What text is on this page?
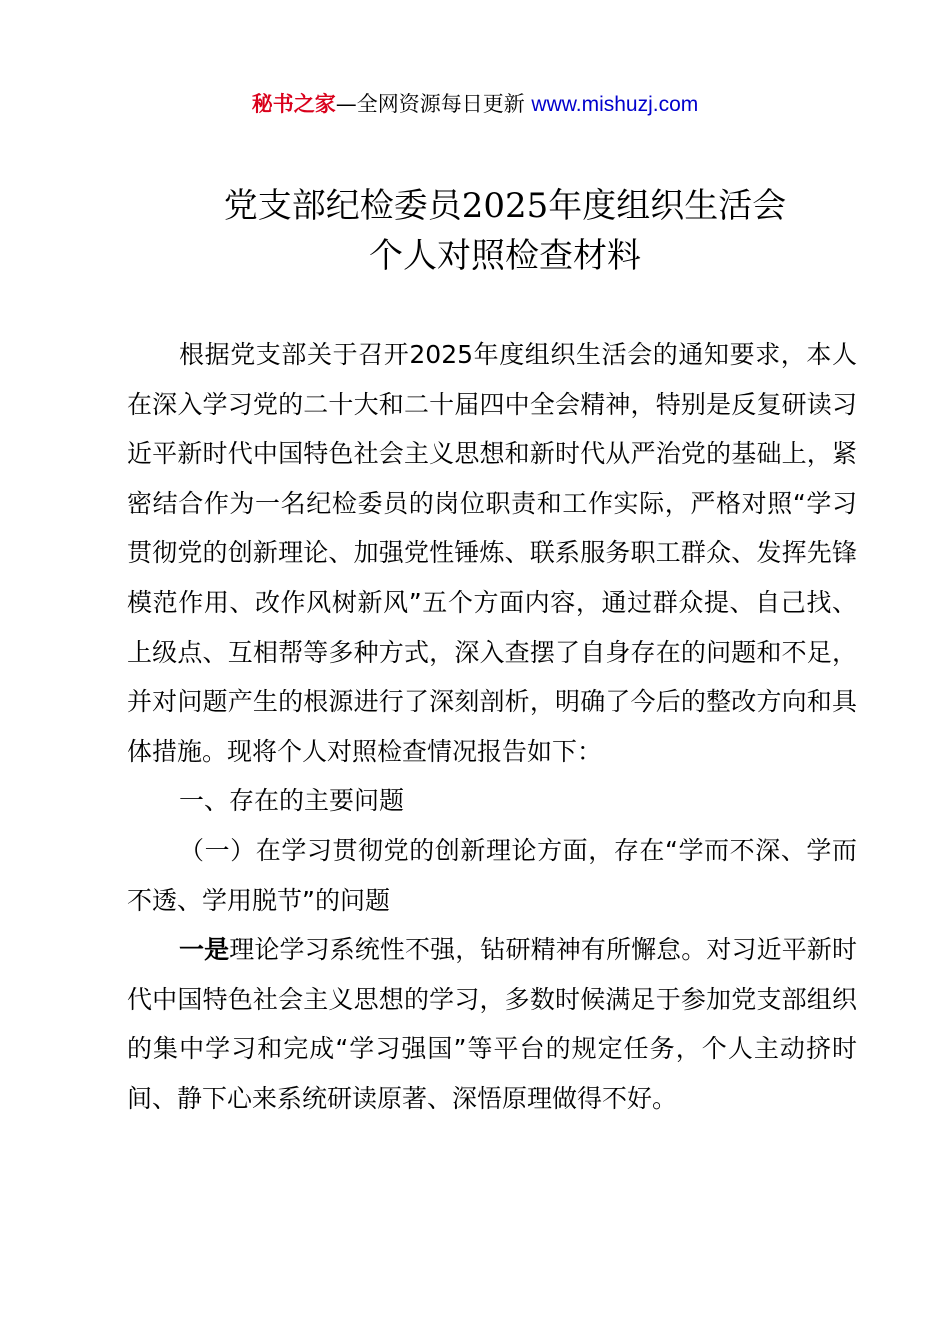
秘书之家—全网资源每日更新 www.mishuzj.com
党支部纪检委员2025年度组织生活会
个人对照检查材料

根据党支部关于召开2025年度组织生活会的通知要求，本人在深入学习党的二十大和二十届四中全会精神，特别是反复研读习近平新时代中国特色社会主义思想和新时代从严治党的基础上，紧密结合作为一名纪检委员的岗位职责和工作实际，严格对照“学习贯彻党的创新理论、加强党性锤炼、联系服务职工群众、发挥先锋模范作用、改作风树新风”五个方面内容，通过群众提、自己找、上级点、互相帮等多种方式，深入查摆了自身存在的问题和不足，并对问题产生的根源进行了深刻剖析，明确了今后的整改方向和具体措施。现将个人对照检查情况报告如下：

一、存在的主要问题

（一）在学习贯彻党的创新理论方面，存在“学而不深、学而不透、学用脱节”的问题

一是理论学习系统性不强，钻研精神有所懈怠。对习近平新时代中国特色社会主义思想的学习，多数时候满足于参加党支部组织的集中学习和完成“学习强国”等平台的规定任务，个人主动挤时间、静下心来系统研读原著、深悟原理做得不好。
